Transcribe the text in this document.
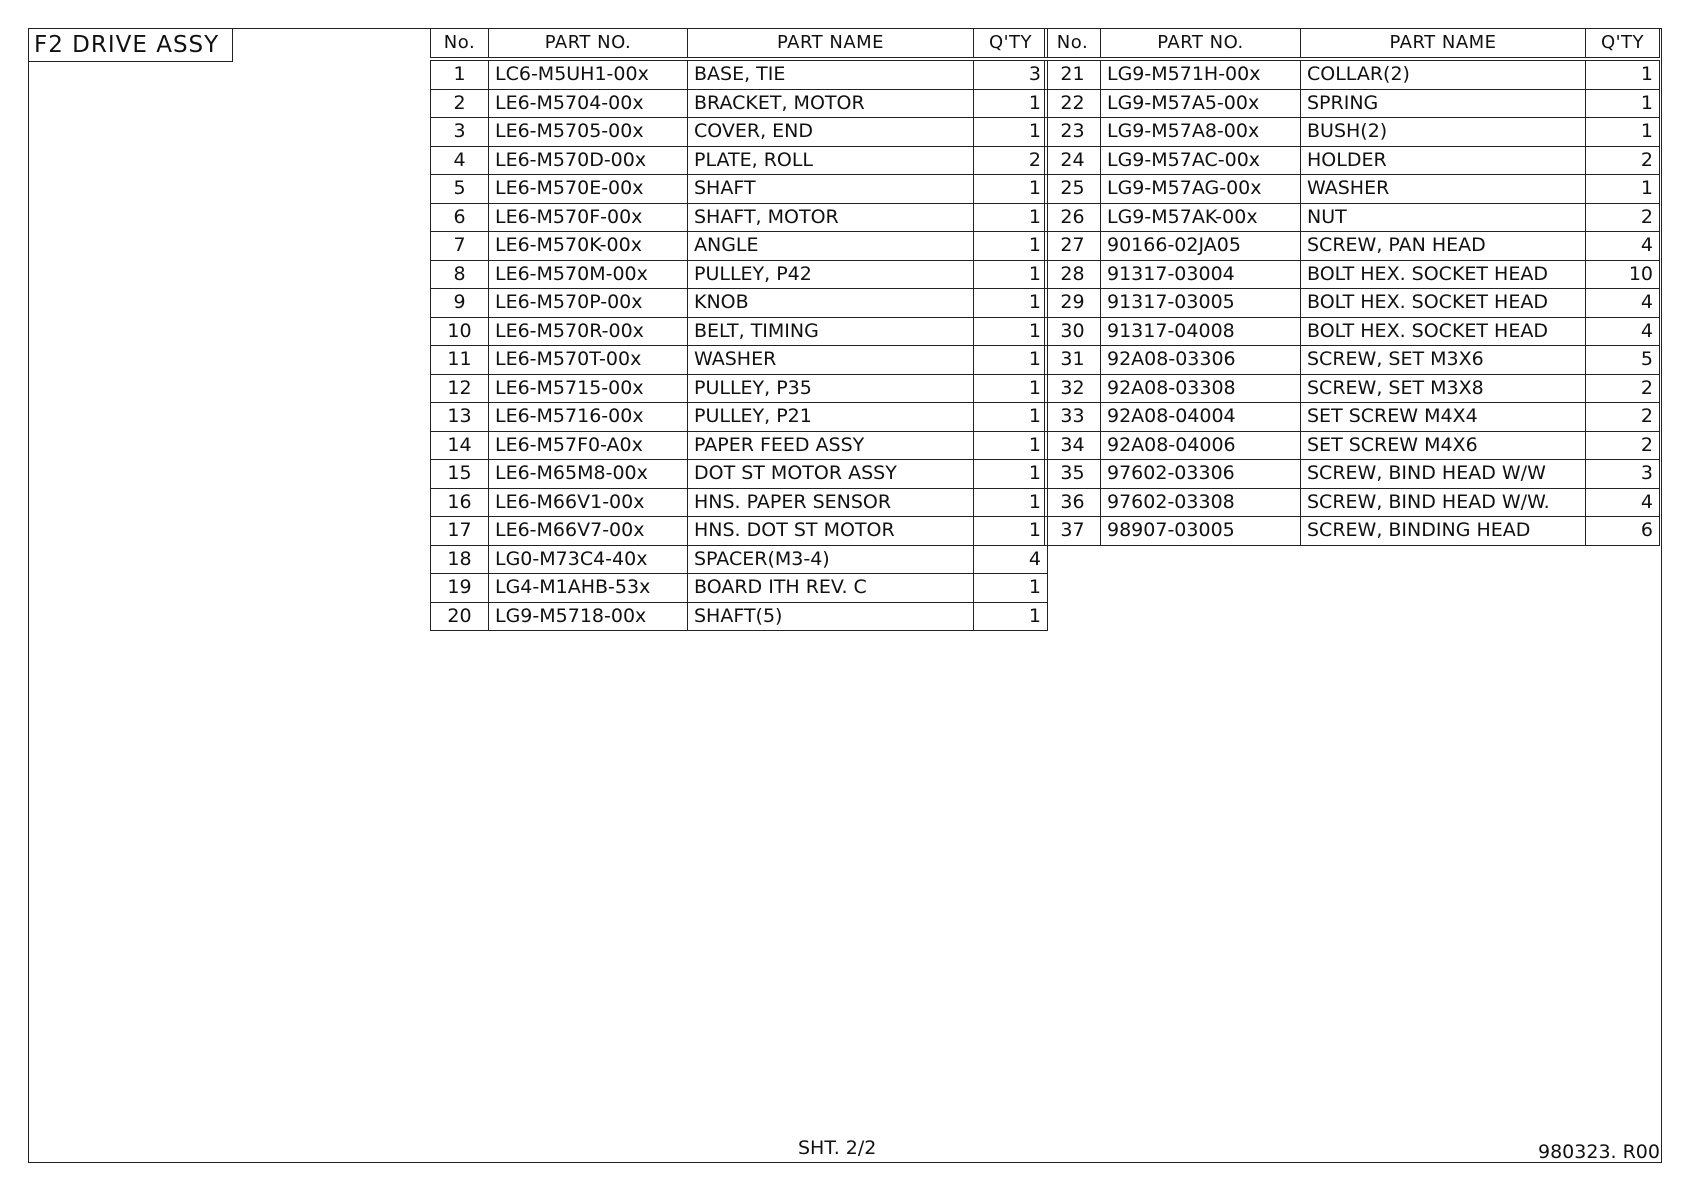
F2 DRIVE ASSY	No.	PART NO.	PART NAME	Q'TY
1	LC6-M5UH1-00x	BASE, TIE	3
2	LE6-M5704-00x	BRACKET, MOTOR	1
3	LE6-M5705-00x	COVER, END	1
4	LE6-M570D-00x	PLATE, ROLL	2
5	LE6-M570E-00x	SHAFT	1
6	LE6-M570F-00x	SHAFT, MOTOR	1
7	LE6-M570K-00x	ANGLE	1
8	LE6-M570M-00x	PULLEY, P42	1
9	LE6-M570P-00x	KNOB	1
10	LE6-M570R-00x	BELT, TIMING	1
11	LE6-M570T-00x	WASHER	1
12	LE6-M5715-00x	PULLEY, P35	1
13	LE6-M5716-00x	PULLEY, P21	1
14	LE6-M57F0-A0x	PAPER FEED ASSY	1
15	LE6-M65M8-00x	DOT ST MOTOR ASSY	1
16	LE6-M66V1-00x	HNS. PAPER SENSOR	1
17	LE6-M66V7-00x	HNS. DOT ST MOTOR	1
18	LG0-M73C4-40x	SPACER(M3-4)	4
19	LG4-M1AHB-53x	BOARD ITH REV. C	1
20	LG9-M5718-00x	SHAFT(5)	1
No.	PART NO.	PART NAME	Q'TY
21	LG9-M571H-00x	COLLAR(2)	1
22	LG9-M57A5-00x	SPRING	1
23	LG9-M57A8-00x	BUSH(2)	1
24	LG9-M57AC-00x	HOLDER	2
25	LG9-M57AG-00x	WASHER	1
26	LG9-M57AK-00x	NUT	2
27	90166-02JA05	SCREW, PAN HEAD	4
28	91317-03004	BOLT HEX. SOCKET HEAD	10
29	91317-03005	BOLT HEX. SOCKET HEAD	4
30	91317-04008	BOLT HEX. SOCKET HEAD	4
31	92A08-03306	SCREW, SET M3X6	5
32	92A08-03308	SCREW, SET M3X8	2
33	92A08-04004	SET SCREW M4X4	2
34	92A08-04006	SET SCREW M4X6	2
35	97602-03306	SCREW, BIND HEAD W/W	3
36	97602-03308	SCREW, BIND HEAD W/W.	4
37	98907-03005	SCREW, BINDING HEAD	6
SHT. 2/2	980323. R00
